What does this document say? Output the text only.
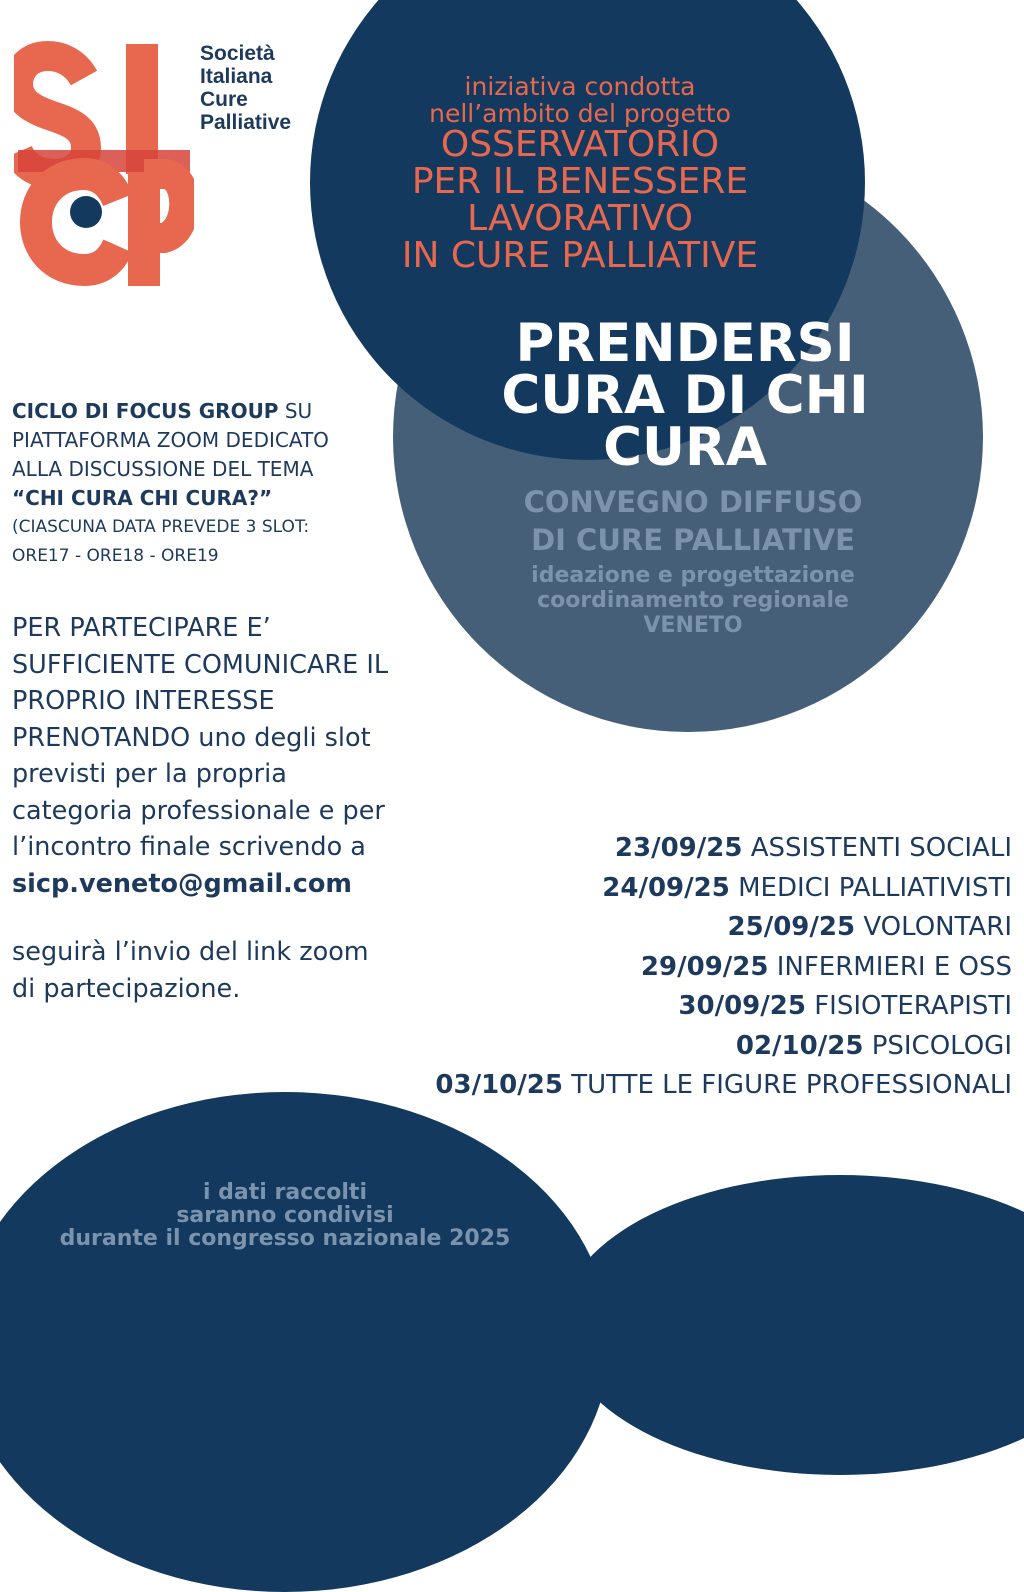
Società
Italiana
Cure
Palliative
iniziativa condotta
nell’ambito del progetto
OSSERVATORIO
PER IL BENESSERE
LAVORATIVO
IN CURE PALLIATIVE
PRENDERSI
CURA DI CHI
CURA
CONVEGNO DIFFUSO
DI CURE PALLIATIVE
ideazione e progettazione
coordinamento regionale
VENETO
CICLO DI FOCUS GROUP SU
PIATTAFORMA ZOOM DEDICATO
ALLA DISCUSSIONE DEL TEMA
“CHI CURA CHI CURA?”
(CIASCUNA DATA PREVEDE 3 SLOT:
ORE17 - ORE18 - ORE19
PER PARTECIPARE E’
SUFFICIENTE COMUNICARE IL
PROPRIO INTERESSE
PRENOTANDO uno degli slot
previsti per la propria
categoria professionale e per
l’incontro finale scrivendo a
sicp.veneto@gmail.com
seguirà l’invio del link zoom
di partecipazione.
23/09/25 ASSISTENTI SOCIALI
24/09/25 MEDICI PALLIATIVISTI
25/09/25 VOLONTARI
29/09/25 INFERMIERI E OSS
30/09/25 FISIOTERAPISTI
02/10/25 PSICOLOGI
03/10/25 TUTTE LE FIGURE PROFESSIONALI
i dati raccolti
saranno condivisi
durante il congresso nazionale 2025
